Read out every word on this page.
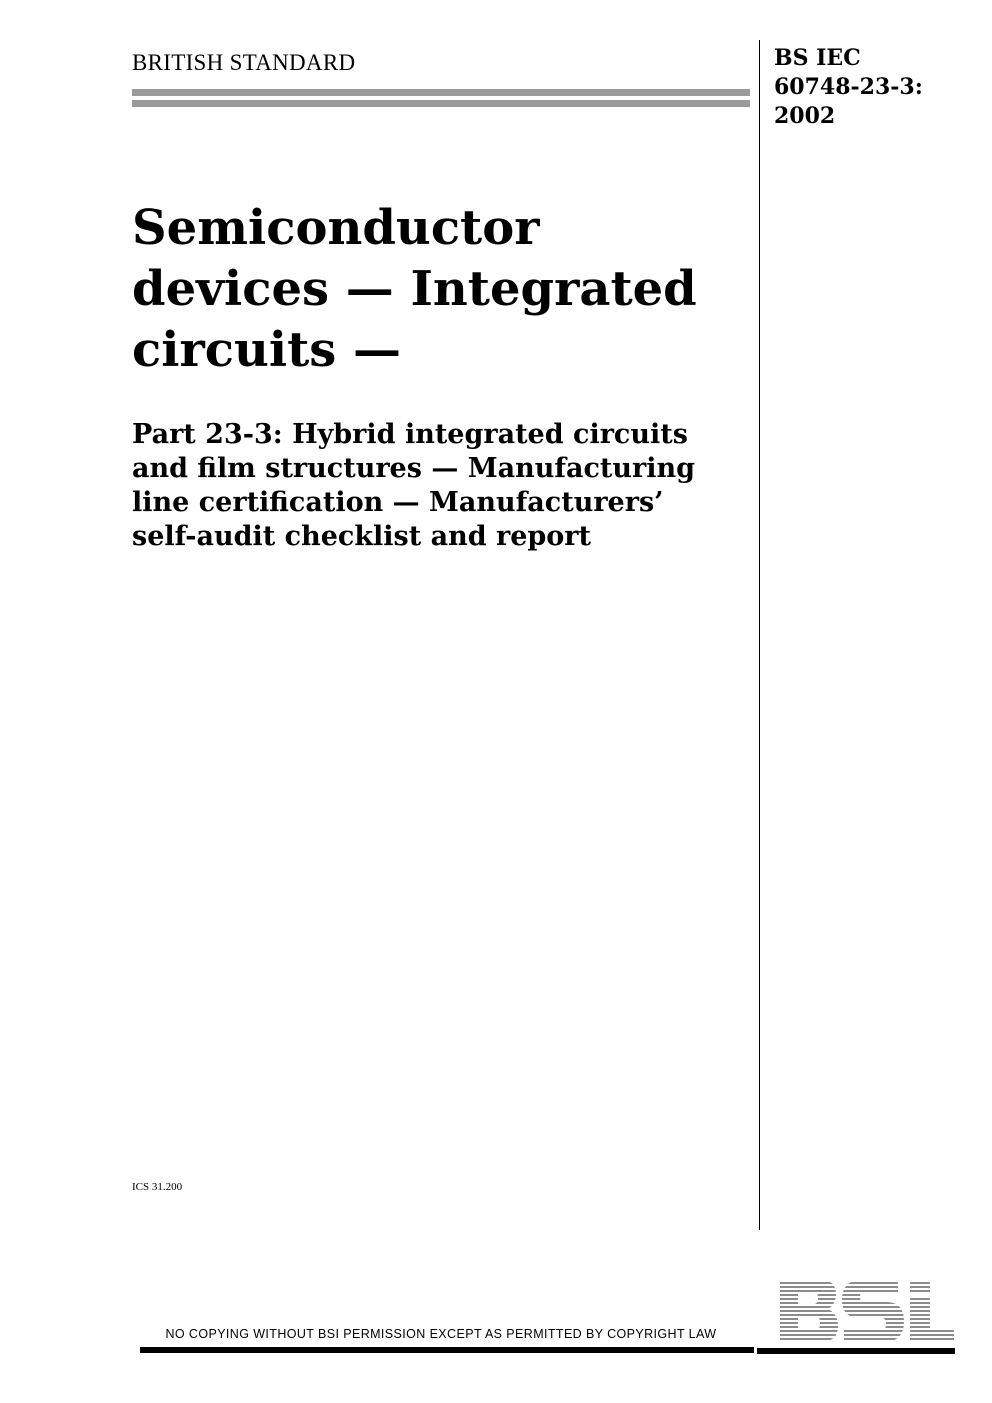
BRITISH STANDARD	BS IEC
60748-23-3:
2002
Semiconductor
devices — Integrated
circuits —
Part 23-3: Hybrid integrated circuits
and film structures — Manufacturing
line certification — Manufacturers’
self-audit checklist and report
ICS 31.200
NO COPYING WITHOUT BSI PERMISSION EXCEPT AS PERMITTED BY COPYRIGHT LAW
